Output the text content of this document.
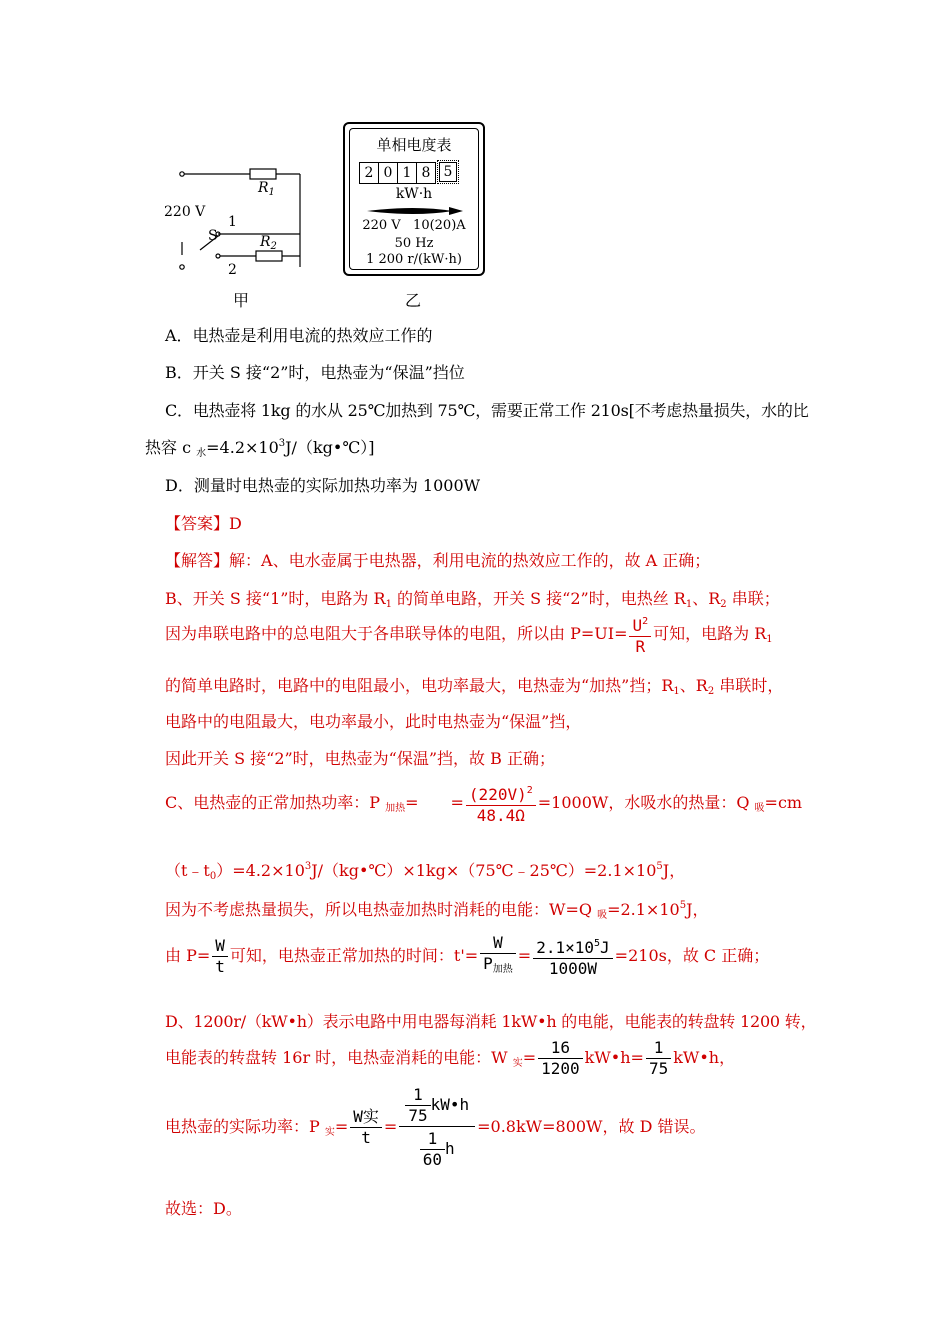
220 V
$R_1$
$R_2$
S
1
2
甲
单相电度表
2 0 1 8 5
kW·h
220 V   10(20)A
50 Hz
1 200 r/(kW·h)
乙
A．电热壶是利用电流的热效应工作的
B．开关 S 接“2”时，电热壶为“保温”挡位
C．电热壶将 1kg 的水从 25℃加热到 75℃，需要正常工作 210s[不考虑热量损失，水的比
热容 c $_水=4.2\times 10^3J/(kg•℃)$]
D．测量时电热壶的实际加热功率为 1000W
【答案】D
【解答】解：A、电水壶属于电热器，利用电流的热效应工作的，故 A 正确；
B、开关 S 接“1”时，电路为 $R_1$ 的简单电路，开关 S 接“2”时，电热丝 $R_1$、$R_2$ 串联；
因为串联电路中的总电阻大于各串联导体的电阻，所以由 $P=UI= \frac{U^2}{R}$ 可知，电路为 $R_1$
的简单电路时，电路中的电阻最小，电功率最大，电热壶为“加热”挡；$R_1$、$R_2$ 串联时，
电路中的电阻最大，电功率最小，此时电热壶为“保温”挡，
因此开关 S 接“2”时，电热壶为“保温”挡，故 B 正确；
C、电热壶的正常加热功率：P $_{加热}= = \frac{(220V)^2}{48.4\Omega} =1000W$，水吸水的热量：Q $_吸$=cm
$(t﹣t_0)=4.2\times 10^3J/(kg•℃)\times 1kg\times(75℃﹣25℃)=2.1\times 10^5J$，
因为不考虑热量损失，所以电热壶加热时消耗的电能：W=Q $_吸=2.1\times 10^5J$，
由 $P= \frac{W}{t}$ 可知，电热壶正常加热的时间：$t'= \frac{W}{P_{加热}} = \frac{2.1\times 10^5J}{1000W} =210s$，故 C 正确；
D、1200r/（kW•h）表示电路中用电器每消耗 1kW•h 的电能，电能表的转盘转 1200 转，
电能表的转盘转 16r 时，电热壶消耗的电能：W $_实= \frac{16}{1200}$ kW•h= $\frac{1}{75}$ kW•h，
电热壶的实际功率：P $_实= \frac{\text{W实}}{t} = \frac{\frac{1}{75} kW•h}{\frac{1}{60} h} =0.8kW=800W$，故 D 错误。
故选：D。
